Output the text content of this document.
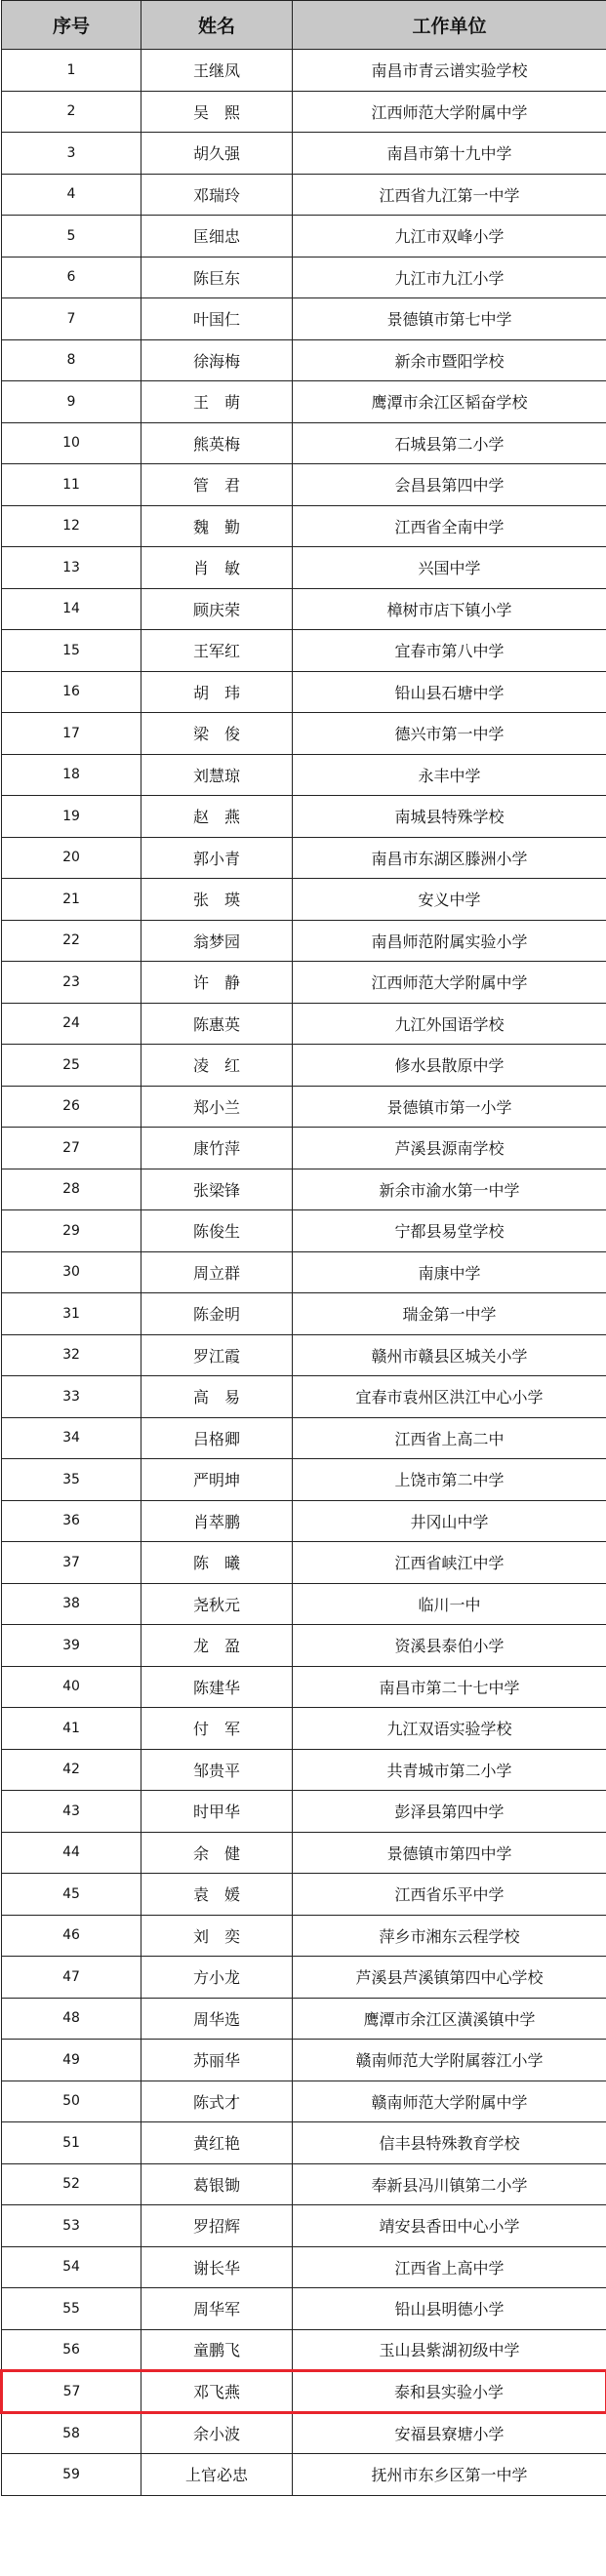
序号	姓名	工作单位
1	王继凤	南昌市青云谱实验学校
2	吴　熙	江西师范大学附属中学
3	胡久强	南昌市第十九中学
4	邓瑞玲	江西省九江第一中学
5	匡细忠	九江市双峰小学
6	陈巨东	九江市九江小学
7	叶国仁	景德镇市第七中学
8	徐海梅	新余市暨阳学校
9	王　萌	鹰潭市余江区韬奋学校
10	熊英梅	石城县第二小学
11	管　君	会昌县第四中学
12	魏　勤	江西省全南中学
13	肖　敏	兴国中学
14	顾庆荣	樟树市店下镇小学
15	王军红	宜春市第八中学
16	胡　玮	铅山县石塘中学
17	梁　俊	德兴市第一中学
18	刘慧琼	永丰中学
19	赵　燕	南城县特殊学校
20	郭小青	南昌市东湖区滕洲小学
21	张　瑛	安义中学
22	翁梦园	南昌师范附属实验小学
23	许　静	江西师范大学附属中学
24	陈惠英	九江外国语学校
25	凌　红	修水县散原中学
26	郑小兰	景德镇市第一小学
27	康竹萍	芦溪县源南学校
28	张梁锋	新余市渝水第一中学
29	陈俊生	宁都县易堂学校
30	周立群	南康中学
31	陈金明	瑞金第一中学
32	罗江霞	赣州市赣县区城关小学
33	高　易	宜春市袁州区洪江中心小学
34	吕格卿	江西省上高二中
35	严明坤	上饶市第二中学
36	肖萃鹏	井冈山中学
37	陈　曦	江西省峡江中学
38	尧秋元	临川一中
39	龙　盈	资溪县泰伯小学
40	陈建华	南昌市第二十七中学
41	付　军	九江双语实验学校
42	邹贵平	共青城市第二小学
43	时甲华	彭泽县第四中学
44	余　健	景德镇市第四中学
45	袁　媛	江西省乐平中学
46	刘　奕	萍乡市湘东云程学校
47	方小龙	芦溪县芦溪镇第四中心学校
48	周华选	鹰潭市余江区潢溪镇中学
49	苏丽华	赣南师范大学附属蓉江小学
50	陈式才	赣南师范大学附属中学
51	黄红艳	信丰县特殊教育学校
52	葛银锄	奉新县冯川镇第二小学
53	罗招辉	靖安县香田中心小学
54	谢长华	江西省上高中学
55	周华军	铅山县明德小学
56	童鹏飞	玉山县紫湖初级中学
57	邓飞燕	泰和县实验小学
58	余小波	安福县寮塘小学
59	上官必忠	抚州市东乡区第一中学
